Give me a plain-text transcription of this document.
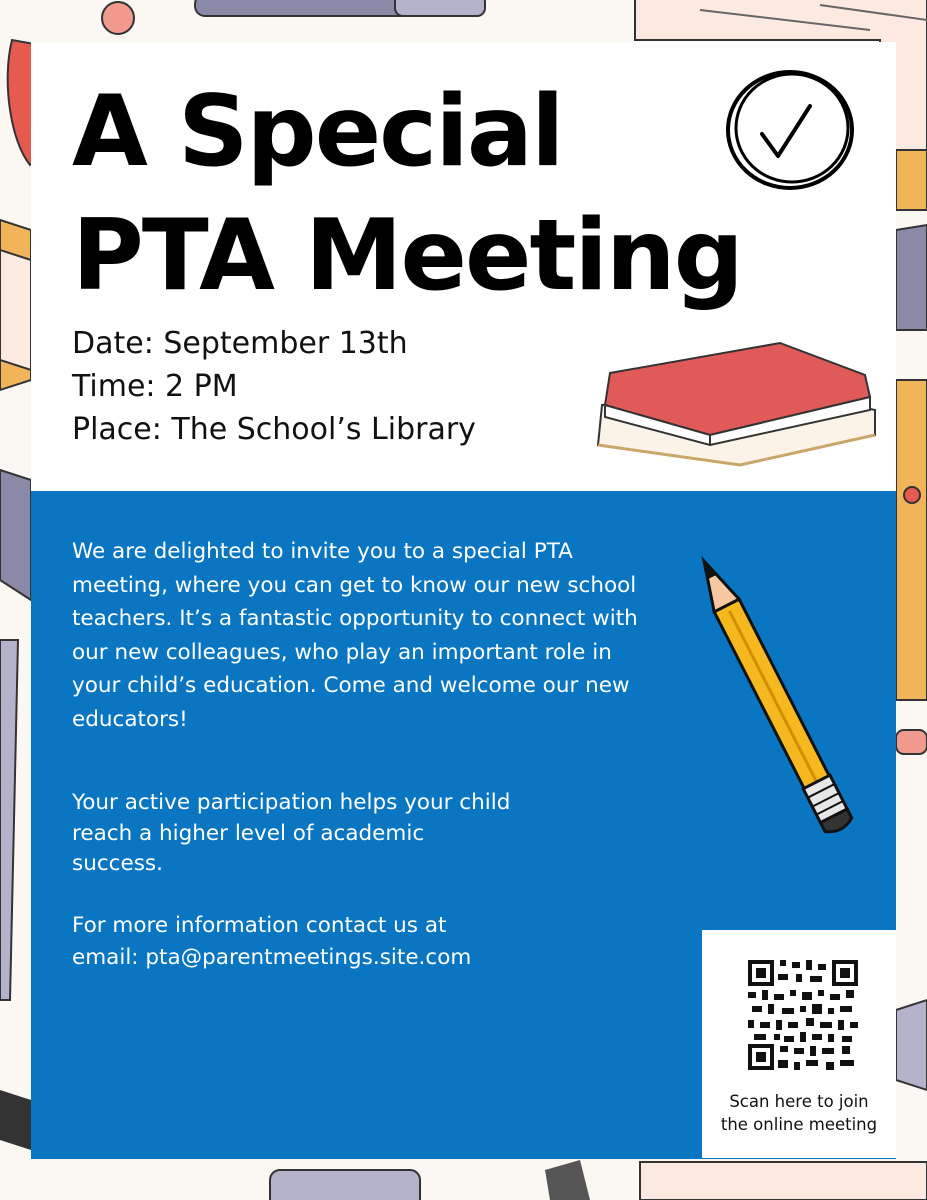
A Special
PTA Meeting
Date: September 13th
Time: 2 PM
Place: The School’s Library
We are delighted to invite you to a special PTA meeting, where you can get to know our new school teachers. It’s a fantastic opportunity to connect with our new colleagues, who play an important role in your child’s education. Come and welcome our new educators!
Your active participation helps your child reach a higher level of academic success.
For more information contact us at
email: pta@parentmeetings.site.com
Scan here to join
the online meeting
